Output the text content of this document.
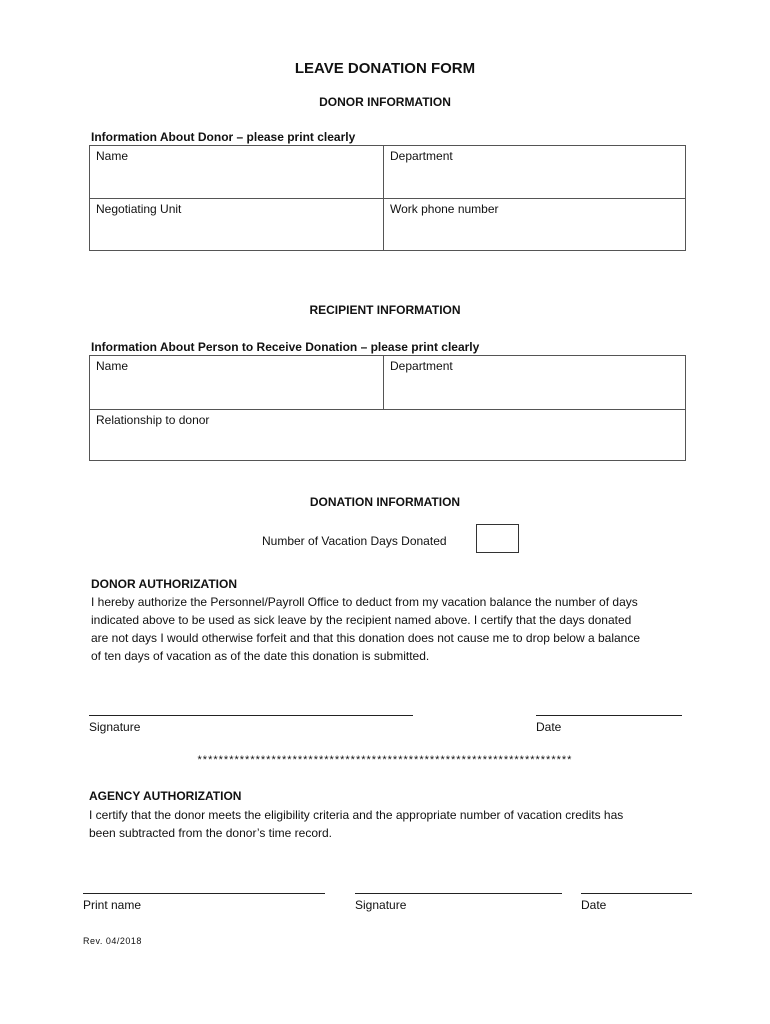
LEAVE DONATION FORM
DONOR INFORMATION
Information About Donor – please print clearly
Name	Department
Negotiating Unit	Work phone number
RECIPIENT INFORMATION
Information About Person to Receive Donation – please print clearly
Name	Department
Relationship to donor
DONATION INFORMATION
Number of Vacation Days Donated
DONOR AUTHORIZATION
I hereby authorize the Personnel/Payroll Office to deduct from my vacation balance the number of days
indicated above to be used as sick leave by the recipient named above. I certify that the days donated
are not days I would otherwise forfeit and that this donation does not cause me to drop below a balance
of ten days of vacation as of the date this donation is submitted.
Signature	Date
***********************************************************************
AGENCY AUTHORIZATION
I certify that the donor meets the eligibility criteria and the appropriate number of vacation credits has
been subtracted from the donor’s time record.
Print name	Signature	Date
Rev. 04/2018
